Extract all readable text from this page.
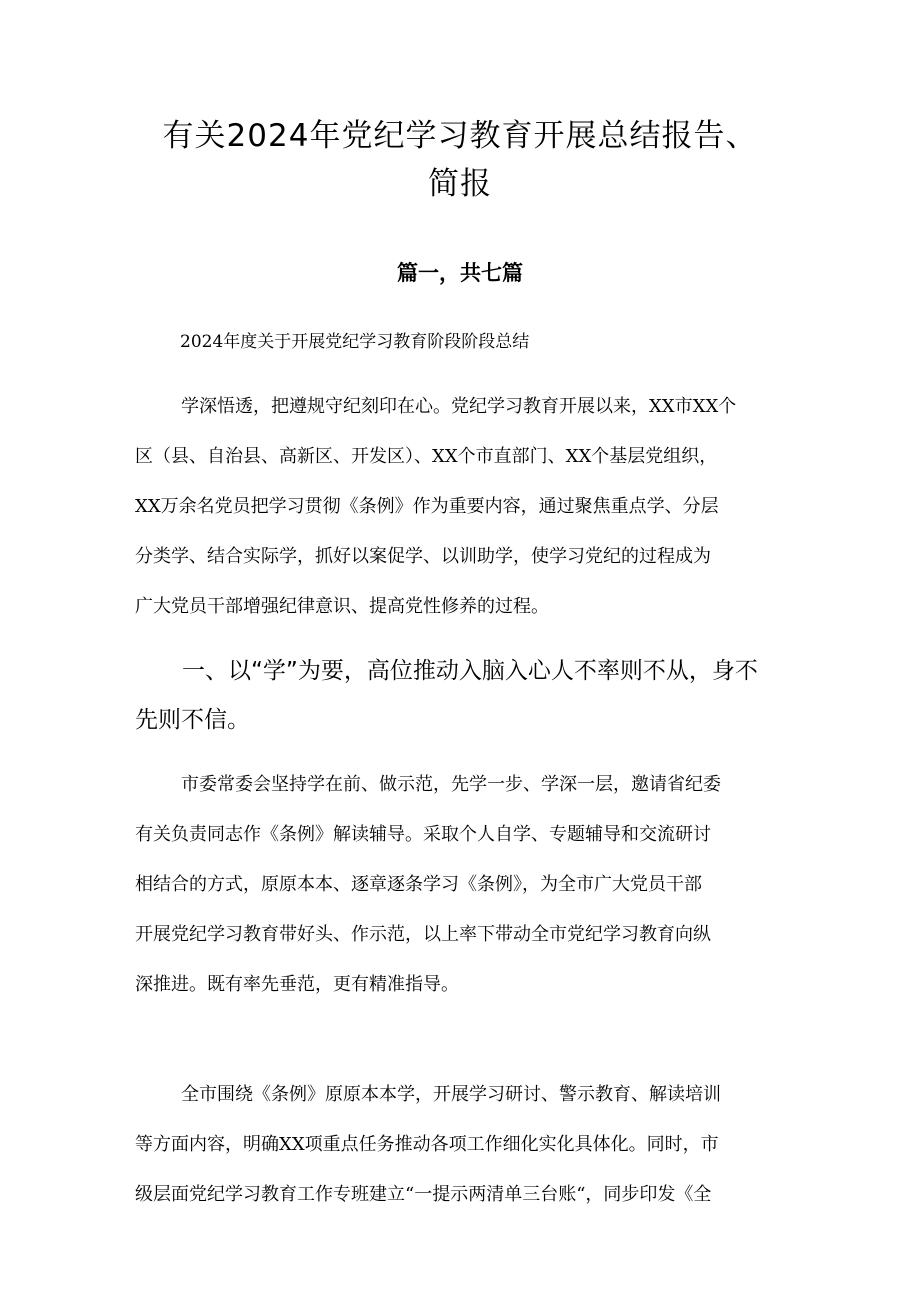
有关2024年党纪学习教育开展总结报告、
简报
篇一，共七篇

2024年度关于开展党纪学习教育阶段阶段总结

学深悟透，把遵规守纪刻印在心。党纪学习教育开展以来，XX市XX个
区（县、自治县、高新区、开发区）、XX个市直部门、XX个基层党组织，
XX万余名党员把学习贯彻《条例》作为重要内容，通过聚焦重点学、分层
分类学、结合实际学，抓好以案促学、以训助学，使学习党纪的过程成为
广大党员干部增强纪律意识、提高党性修养的过程。

一、以“学”为要，高位推动入脑入心人不率则不从，身不
先则不信。

市委常委会坚持学在前、做示范，先学一步、学深一层，邀请省纪委
有关负责同志作《条例》解读辅导。采取个人自学、专题辅导和交流研讨
相结合的方式，原原本本、逐章逐条学习《条例》，为全市广大党员干部
开展党纪学习教育带好头、作示范，以上率下带动全市党纪学习教育向纵
深推进。既有率先垂范，更有精准指导。

全市围绕《条例》原原本本学，开展学习研讨、警示教育、解读培训
等方面内容，明确XX项重点任务推动各项工作细化实化具体化。同时，市
级层面党纪学习教育工作专班建立“一提示两清单三台账“，同步印发《全
